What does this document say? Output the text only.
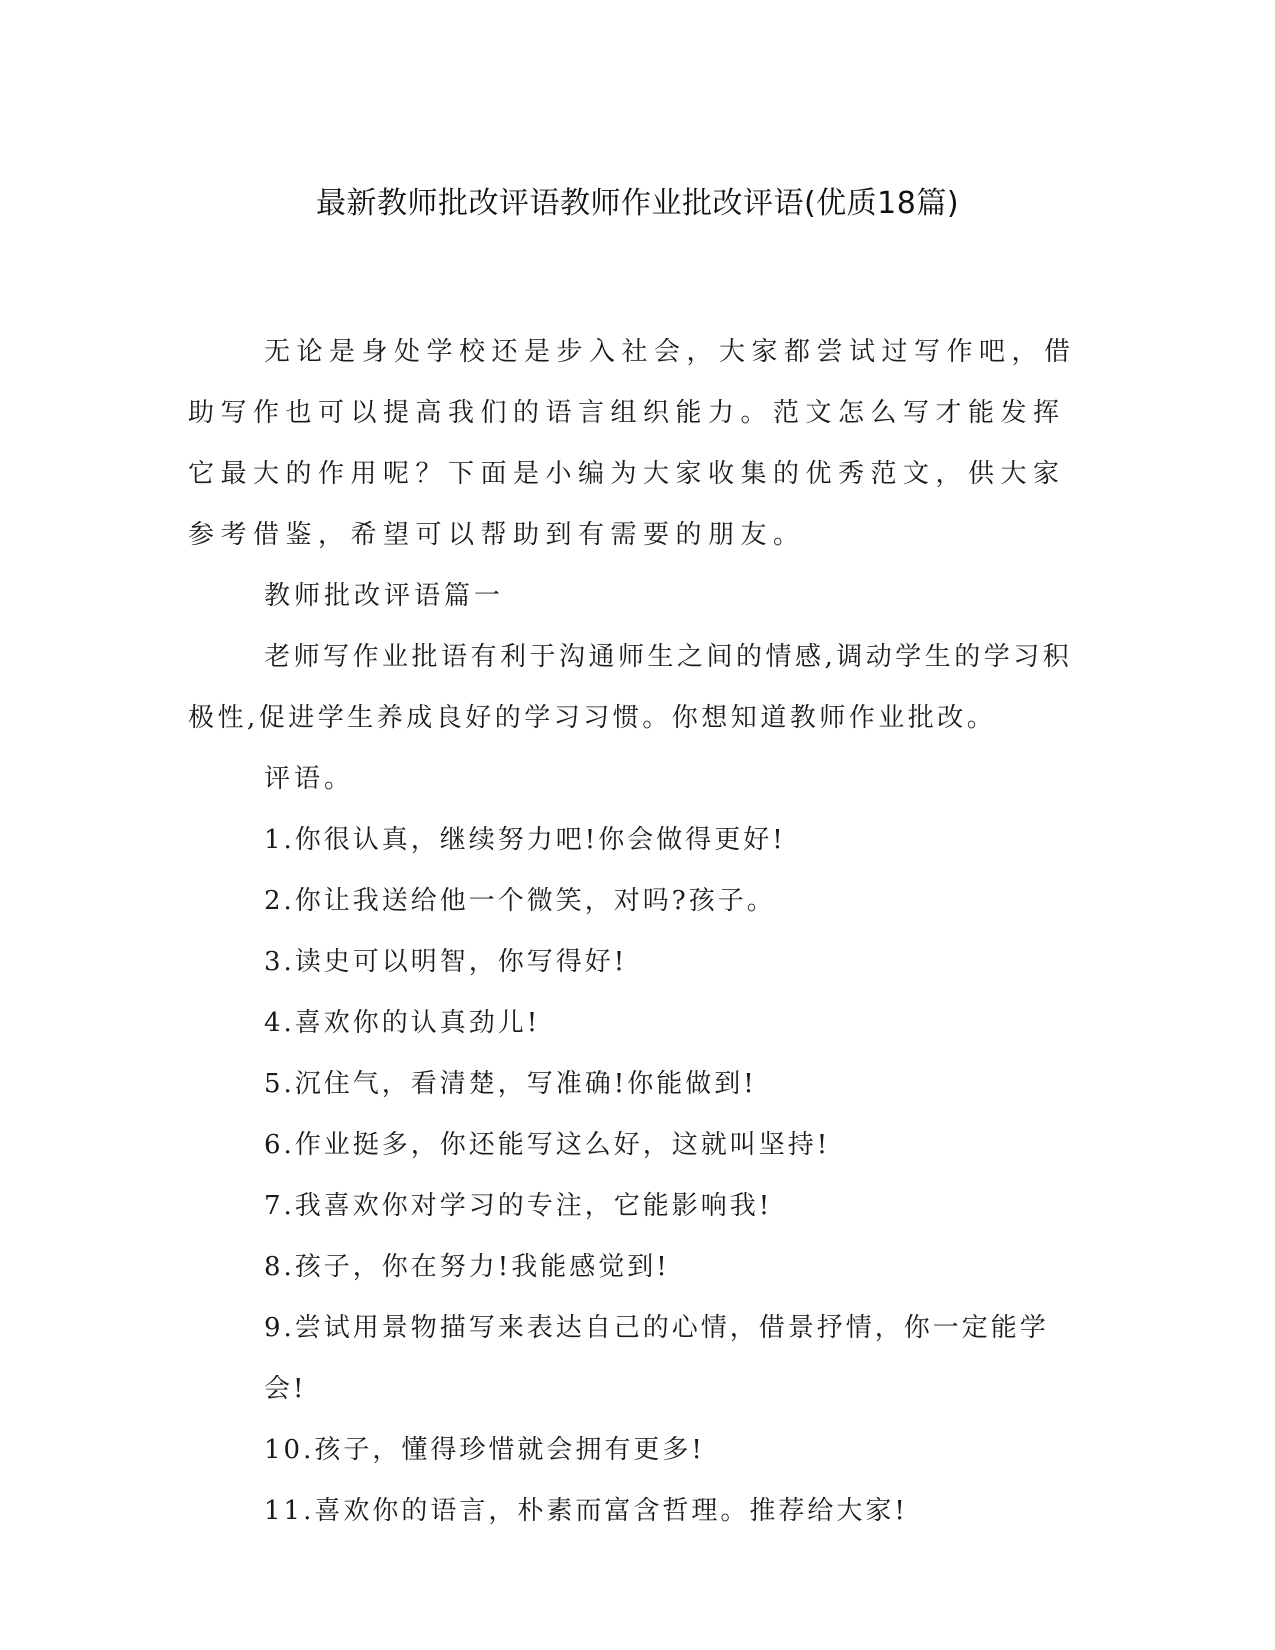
最新教师批改评语教师作业批改评语(优质18篇)

无论是身处学校还是步入社会，大家都尝试过写作吧，借助写作也可以提高我们的语言组织能力。范文怎么写才能发挥它最大的作用呢？下面是小编为大家收集的优秀范文，供大家参考借鉴，希望可以帮助到有需要的朋友。

教师批改评语篇一

老师写作业批语有利于沟通师生之间的情感,调动学生的学习积极性,促进学生养成良好的学习习惯。你想知道教师作业批改。

评语。

1.你很认真，继续努力吧!你会做得更好!

2.你让我送给他一个微笑，对吗?孩子。

3.读史可以明智，你写得好!

4.喜欢你的认真劲儿!

5.沉住气，看清楚，写准确!你能做到!

6.作业挺多，你还能写这么好，这就叫坚持!

7.我喜欢你对学习的专注，它能影响我!

8.孩子，你在努力!我能感觉到!

9.尝试用景物描写来表达自己的心情，借景抒情，你一定能学会!

10.孩子，懂得珍惜就会拥有更多!

11.喜欢你的语言，朴素而富含哲理。推荐给大家!
